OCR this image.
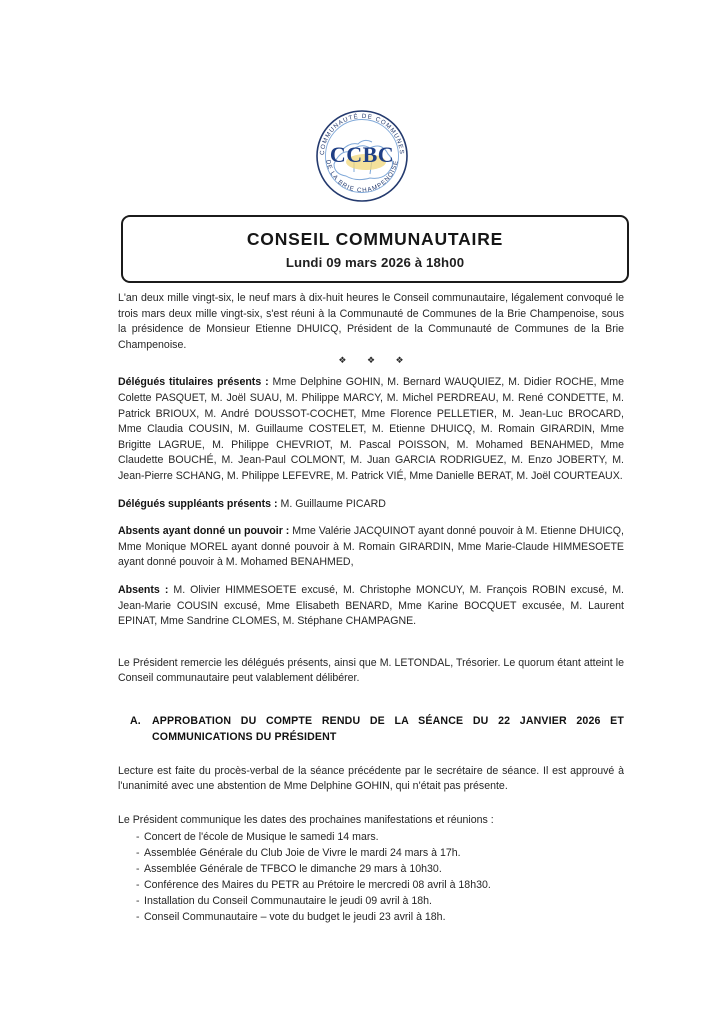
CCBC
COMMUNAUTÉ DE COMMUNES
DE LA BRIE CHAMPENOISE
CONSEIL COMMUNAUTAIRE
Lundi 09 mars 2026 à 18h00

L'an deux mille vingt-six, le neuf mars à dix-huit heures le Conseil communautaire, légalement convoqué le trois mars deux mille vingt-six, s'est réuni à la Communauté de Communes de la Brie Champenoise, sous la présidence de Monsieur Etienne DHUICQ, Président de la Communauté de Communes de la Brie Champenoise.

❖ ❖ ❖

Délégués titulaires présents : Mme Delphine GOHIN, M. Bernard WAUQUIEZ, M. Didier ROCHE, Mme Colette PASQUET, M. Joël SUAU, M. Philippe MARCY, M. Michel PERDREAU, M. René CONDETTE, M. Patrick BRIOUX, M. André DOUSSOT-COCHET, Mme Florence PELLETIER, M. Jean-Luc BROCARD, Mme Claudia COUSIN, M. Guillaume COSTELET, M. Etienne DHUICQ, M. Romain GIRARDIN, Mme Brigitte LAGRUE, M. Philippe CHEVRIOT, M. Pascal POISSON, M. Mohamed BENAHMED, Mme Claudette BOUCHÉ, M. Jean-Paul COLMONT, M. Juan GARCIA RODRIGUEZ, M. Enzo JOBERTY, M. Jean-Pierre SCHANG, M. Philippe LEFEVRE, M. Patrick VIÉ, Mme Danielle BERAT, M. Joël COURTEAUX.

Délégués suppléants présents : M. Guillaume PICARD

Absents ayant donné un pouvoir : Mme Valérie JACQUINOT ayant donné pouvoir à M. Etienne DHUICQ, Mme Monique MOREL ayant donné pouvoir à M. Romain GIRARDIN, Mme Marie-Claude HIMMESOETE ayant donné pouvoir à M. Mohamed BENAHMED,

Absents : M. Olivier HIMMESOETE excusé, M. Christophe MONCUY, M. François ROBIN excusé, M. Jean-Marie COUSIN excusé, Mme Elisabeth BENARD, Mme Karine BOCQUET excusée, M. Laurent EPINAT, Mme Sandrine CLOMES, M. Stéphane CHAMPAGNE.

Le Président remercie les délégués présents, ainsi que M. LETONDAL, Trésorier. Le quorum étant atteint le Conseil communautaire peut valablement délibérer.

A.	APPROBATION DU COMPTE RENDU DE LA SÉANCE DU 22 JANVIER 2026 ET
COMMUNICATIONS DU PRÉSIDENT

Lecture est faite du procès-verbal de la séance précédente par le secrétaire de séance. Il est approuvé à l'unanimité avec une abstention de Mme Delphine GOHIN, qui n'était pas présente.

Le Président communique les dates des prochaines manifestations et réunions :

- Concert de l'école de Musique le samedi 14 mars.
- Assemblée Générale du Club Joie de Vivre le mardi 24 mars à 17h.
- Assemblée Générale de TFBCO le dimanche 29 mars à 10h30.
- Conférence des Maires du PETR au Prétoire le mercredi 08 avril à 18h30.
- Installation du Conseil Communautaire le jeudi 09 avril à 18h.
- Conseil Communautaire – vote du budget le jeudi 23 avril à 18h.
